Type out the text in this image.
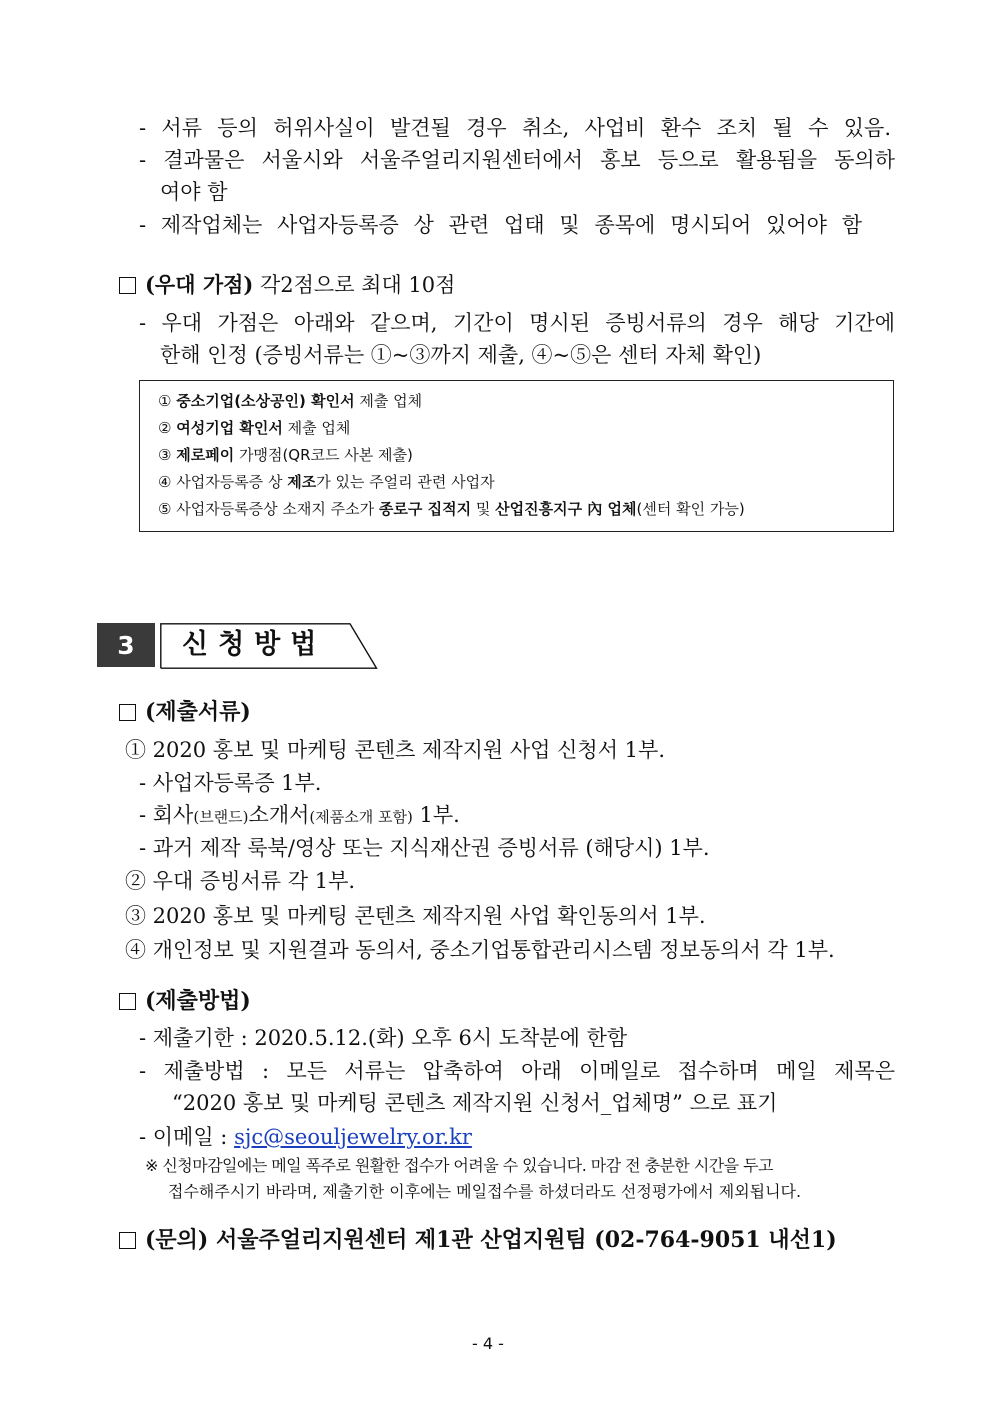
- 서류 등의 허위사실이 발견될 경우 취소, 사업비 환수 조치 될 수 있음.
- 결과물은 서울시와 서울주얼리지원센터에서 홍보 등으로 활용됨을 동의하
여야 함
- 제작업체는 사업자등록증 상 관련 업태 및 종목에 명시되어 있어야 함
(우대 가점) 각2점으로 최대 10점
- 우대 가점은 아래와 같으며, 기간이 명시된 증빙서류의 경우 해당 기간에
한해 인정 (증빙서류는 ①~③까지 제출, ④~⑤은 센터 자체 확인)
① 중소기업(소상공인) 확인서 제출 업체
② 여성기업 확인서 제출 업체
③ 제로페이 가맹점(QR코드 사본 제출)
④ 사업자등록증 상 제조가 있는 주얼리 관련 사업자
⑤ 사업자등록증상 소재지 주소가 종로구 집적지 및 산업진흥지구 內 업체(센터 확인 가능)
3	신청방법
(제출서류)
① 2020 홍보 및 마케팅 콘텐츠 제작지원 사업 신청서 1부.
- 사업자등록증 1부.
- 회사(브랜드)소개서(제품소개 포함) 1부.
- 과거 제작 룩북/영상 또는 지식재산권 증빙서류 (해당시) 1부.
② 우대 증빙서류 각 1부.
③ 2020 홍보 및 마케팅 콘텐츠 제작지원 사업 확인동의서 1부.
④ 개인정보 및 지원결과 동의서, 중소기업통합관리시스템 정보동의서 각 1부.
(제출방법)
- 제출기한 : 2020.5.12.(화) 오후 6시 도착분에 한함
- 제출방법 : 모든 서류는 압축하여 아래 이메일로 접수하며 메일 제목은
“2020 홍보 및 마케팅 콘텐츠 제작지원 신청서_업체명” 으로 표기
- 이메일 : sjc@seouljewelry.or.kr
※ 신청마감일에는 메일 폭주로 원활한 접수가 어려울 수 있습니다. 마감 전 충분한 시간을 두고
접수해주시기 바라며, 제출기한 이후에는 메일접수를 하셨더라도 선정평가에서 제외됩니다.
(문의) 서울주얼리지원센터 제1관 산업지원팀 (02-764-9051 내선1)
- 4 -
